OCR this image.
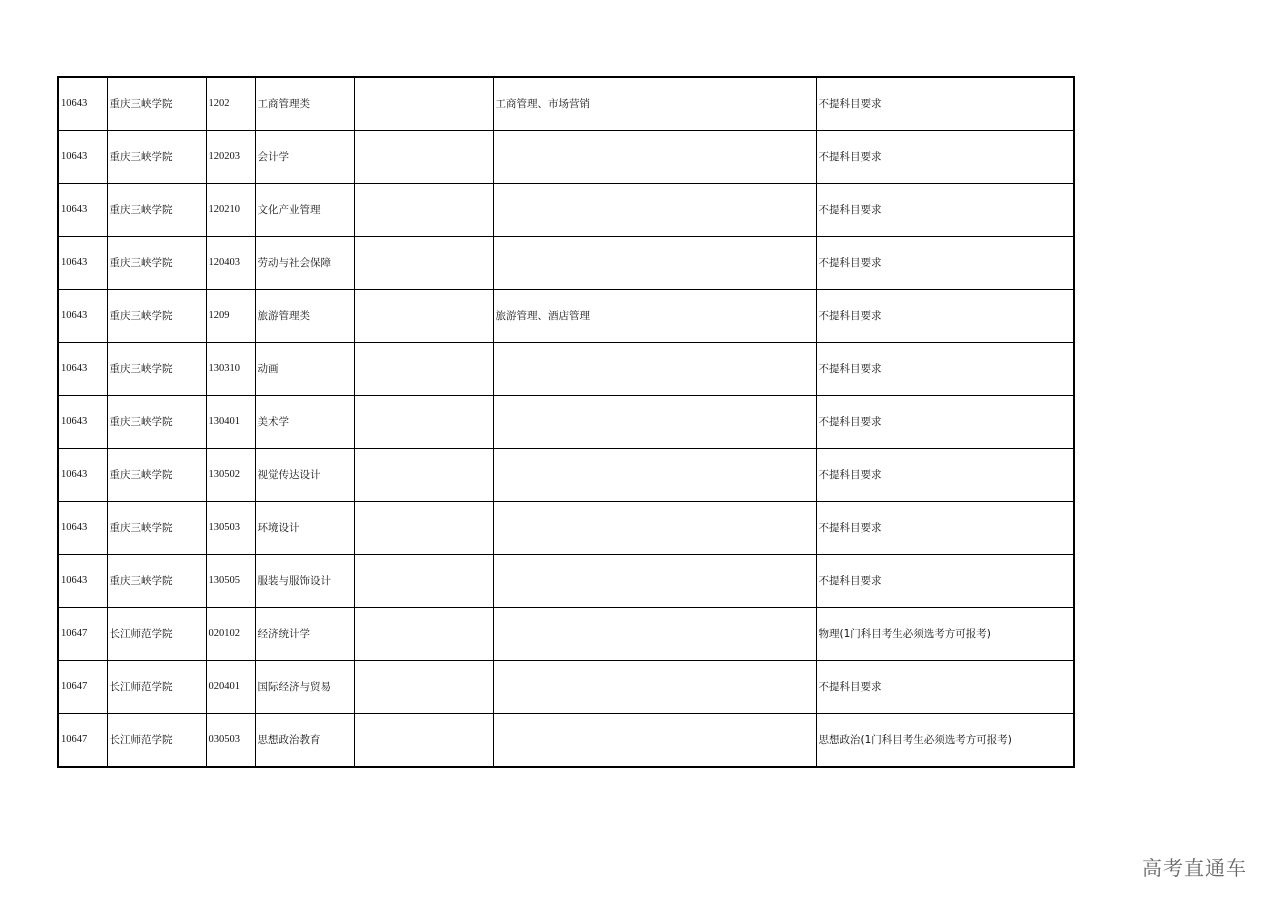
10643	重庆三峡学院	1202	工商管理类		工商管理、市场营销	不提科目要求
10643	重庆三峡学院	120203	会计学			不提科目要求
10643	重庆三峡学院	120210	文化产业管理			不提科目要求
10643	重庆三峡学院	120403	劳动与社会保障			不提科目要求
10643	重庆三峡学院	1209	旅游管理类		旅游管理、酒店管理	不提科目要求
10643	重庆三峡学院	130310	动画			不提科目要求
10643	重庆三峡学院	130401	美术学			不提科目要求
10643	重庆三峡学院	130502	视觉传达设计			不提科目要求
10643	重庆三峡学院	130503	环境设计			不提科目要求
10643	重庆三峡学院	130505	服装与服饰设计			不提科目要求
10647	长江师范学院	020102	经济统计学			物理(1门科目考生必须选考方可报考)
10647	长江师范学院	020401	国际经济与贸易			不提科目要求
10647	长江师范学院	030503	思想政治教育			思想政治(1门科目考生必须选考方可报考)
高考直通车
